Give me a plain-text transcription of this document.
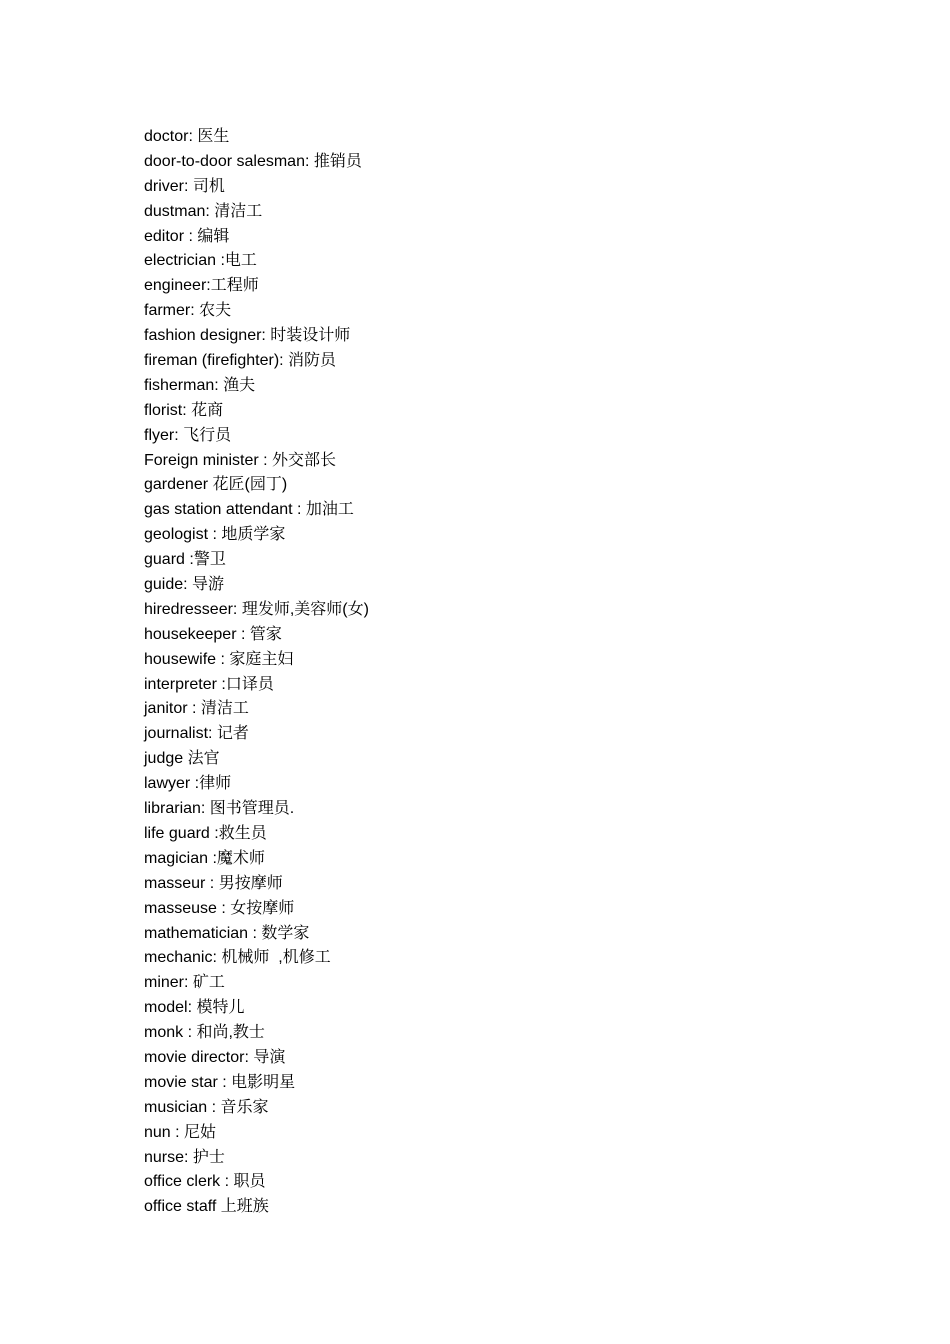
doctor: 医生
door-to-door salesman: 推销员
driver: 司机
dustman: 清洁工
editor : 编辑
electrician :电工
engineer:工程师
farmer: 农夫
fashion designer: 时装设计师
fireman (firefighter): 消防员
fisherman: 渔夫
florist: 花商
flyer: 飞行员
Foreign minister : 外交部长
gardener 花匠(园丁)
gas station attendant : 加油工
geologist : 地质学家
guard :警卫
guide: 导游
hiredresseer: 理发师,美容师(女)
housekeeper : 管家
housewife : 家庭主妇
interpreter :口译员
janitor : 清洁工
journalist: 记者
judge 法官
lawyer :律师
librarian: 图书管理员.
life guard :救生员
magician :魔术师
masseur : 男按摩师
masseuse : 女按摩师
mathematician : 数学家
mechanic: 机械师  ,机修工
miner: 矿工
model: 模特儿
monk : 和尚,教士
movie director: 导演
movie star : 电影明星
musician : 音乐家
nun : 尼姑
nurse: 护士
office clerk : 职员
office staff 上班族
